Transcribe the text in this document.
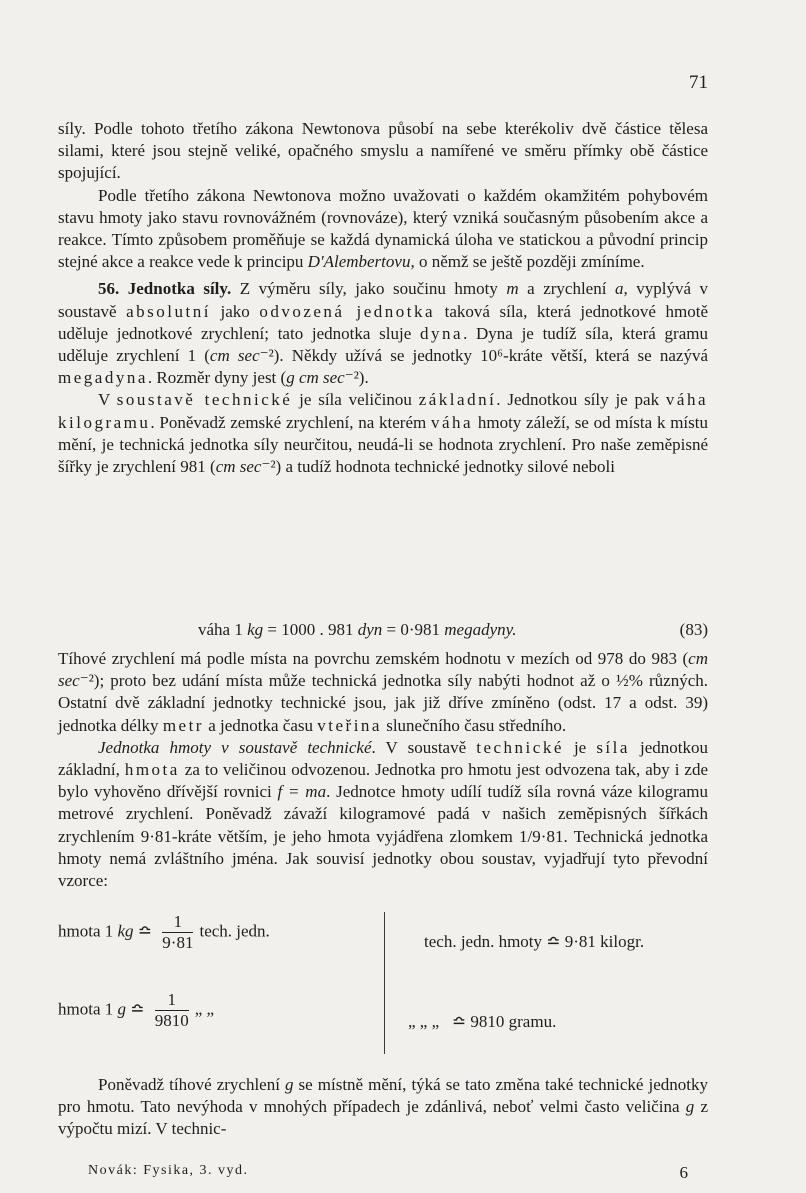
71

síly. Podle tohoto třetího zákona Newtonova působí na sebe kterékoliv dvě částice tělesa silami, které jsou stejně veliké, opačného smyslu a namířené ve směru přímky obě částice spojující.

Podle třetího zákona Newtonova možno uvažovati o každém okamžitém pohybovém stavu hmoty jako stavu rovnovážném (rovnováze), který vzniká současným působením akce a reakce. Tímto způsobem proměňuje se každá dynamická úloha ve statickou a původní princip stejné akce a reakce vede k principu D'Alembertovu, o němž se ještě později zmíníme.

56. Jednotka síly. Z výměru síly, jako součinu hmoty m a zrychlení a, vyplývá v soustavě absolutní jako odvozená jednotka taková síla, která jednotkové hmotě uděluje jednotkové zrychlení; tato jednotka sluje dyna. Dyna je tudíž síla, která gramu uděluje zrychlení 1 (cm sec⁻²). Někdy užívá se jednotky 10⁶-kráte větší, která se nazývá megadyna. Rozměr dyny jest (g cm sec⁻²).

V soustavě technické je síla veličinou základní. Jednotkou síly je pak váha kilogramu. Poněvadž zemské zrychlení, na kterém váha hmoty záleží, se od místa k místu mění, je technická jednotka síly neurčitou, neudá-li se hodnota zrychlení. Pro naše zeměpisné šířky je zrychlení 981 (cm sec⁻²) a tudíž hodnota technické jednotky silové neboli

váha 1 kg = 1000 . 981 dyn = 0·981 megadyny.	(83)

Tíhové zrychlení má podle místa na povrchu zemském hodnotu v mezích od 978 do 983 (cm sec⁻²); proto bez udání místa může technická jednotka síly nabýti hodnot až o ½% různých. Ostatní dvě základní jednotky technické jsou, jak již dříve zmíněno (odst. 17 a odst. 39) jednotka délky metr a jednotka času vteřina slunečního času středního.

Jednotka hmoty v soustavě technické. V soustavě technické je síla jednotkou základní, hmota za to veličinou odvozenou. Jednotka pro hmotu jest odvozena tak, aby i zde bylo vyhověno dřívější rovnici f = ma. Jednotce hmoty udílí tudíž síla rovná váze kilogramu metrové zrychlení. Poněvadž závaží kilogramové padá v našich zeměpisných šířkách zrychlením 9·81-kráte větším, je jeho hmota vyjádřena zlomkem 1/9·81. Technická jednotka hmoty nemá zvláštního jména. Jak souvisí jednotky obou soustav, vyjadřují tyto převodní vzorce:

hmota 1 kg ≏ $\frac{1}{9\cdot 81}$ tech. jedn.
hmota 1 g ≏ $\frac{1}{9810}$ „ „
tech. jedn. hmoty ≏ 9·81 kilogr.
„ „ „ ≏ 9810 gramu.

Poněvadž tíhové zrychlení g se místně mění, týká se tato změna také technické jednotky pro hmotu. Tato nevýhoda v mnohých případech je zdánlivá, neboť velmi často veličina g z výpočtu mizí. V technic-

Novák: Fysika, 3. vyd.	6
